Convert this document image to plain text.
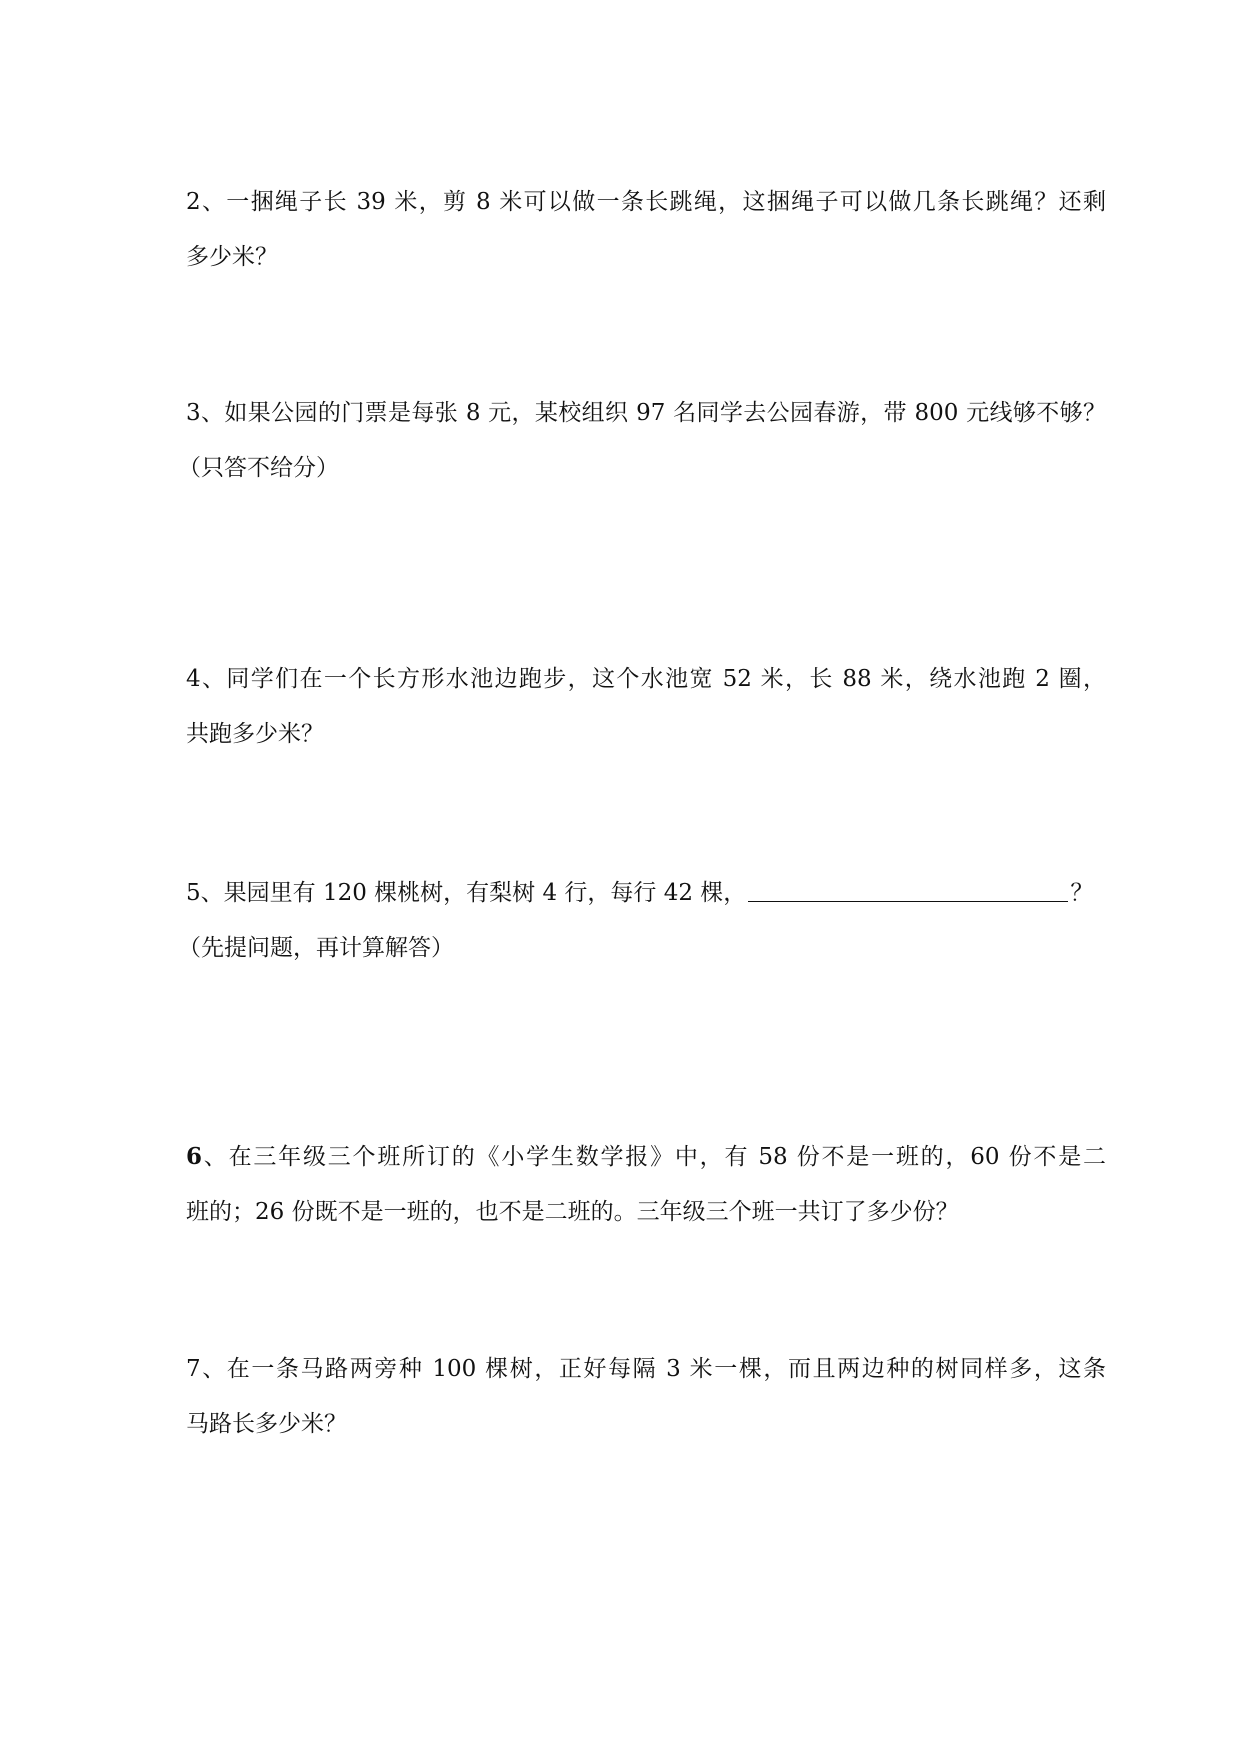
2、一捆绳子长 39 米，剪 8 米可以做一条长跳绳，这捆绳子可以做几条长跳绳？还剩
多少米？
3、如果公园的门票是每张 8 元，某校组织 97 名同学去公园春游，带 800 元线够不够？
（只答不给分）
4、同学们在一个长方形水池边跑步，这个水池宽 52 米，长 88 米，绕水池跑 2 圈，
共跑多少米？
5、果园里有 120 棵桃树，有梨树 4 行，每行 42 棵，	？
（先提问题，再计算解答）
6、在三年级三个班所订的《小学生数学报》中，有 58 份不是一班的，60 份不是二
班的；26 份既不是一班的，也不是二班的。三年级三个班一共订了多少份？
7、在一条马路两旁种 100 棵树，正好每隔 3 米一棵，而且两边种的树同样多，这条
马路长多少米？
